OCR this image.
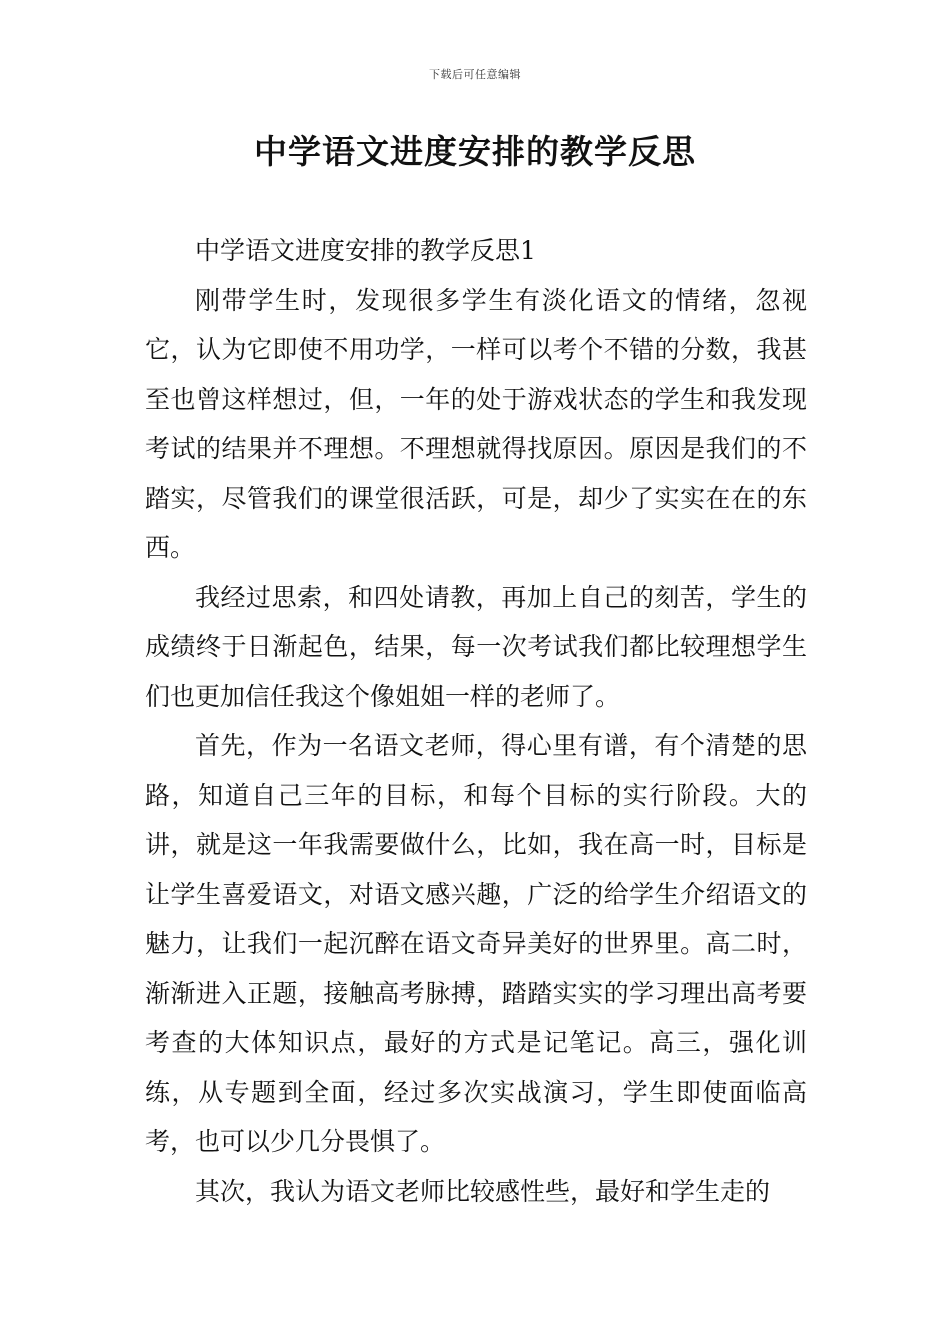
下载后可任意编辑
中学语文进度安排的教学反思

中学语文进度安排的教学反思1

刚带学生时，发现很多学生有淡化语文的情绪，忽视它，认为它即使不用功学，一样可以考个不错的分数，我甚至也曾这样想过，但，一年的处于游戏状态的学生和我发现考试的结果并不理想。不理想就得找原因。原因是我们的不踏实，尽管我们的课堂很活跃，可是，却少了实实在在的东西。

我经过思索，和四处请教，再加上自己的刻苦，学生的成绩终于日渐起色，结果，每一次考试我们都比较理想学生们也更加信任我这个像姐姐一样的老师了。

首先，作为一名语文老师，得心里有谱，有个清楚的思路，知道自己三年的目标，和每个目标的实行阶段。大的讲，就是这一年我需要做什么，比如，我在高一时，目标是让学生喜爱语文，对语文感兴趣，广泛的给学生介绍语文的魅力，让我们一起沉醉在语文奇异美好的世界里。高二时，渐渐进入正题，接触高考脉搏，踏踏实实的学习理出高考要考查的大体知识点，最好的方式是记笔记。高三，强化训练，从专题到全面，经过多次实战演习，学生即使面临高考，也可以少几分畏惧了。

其次，我认为语文老师比较感性些，最好和学生走的
